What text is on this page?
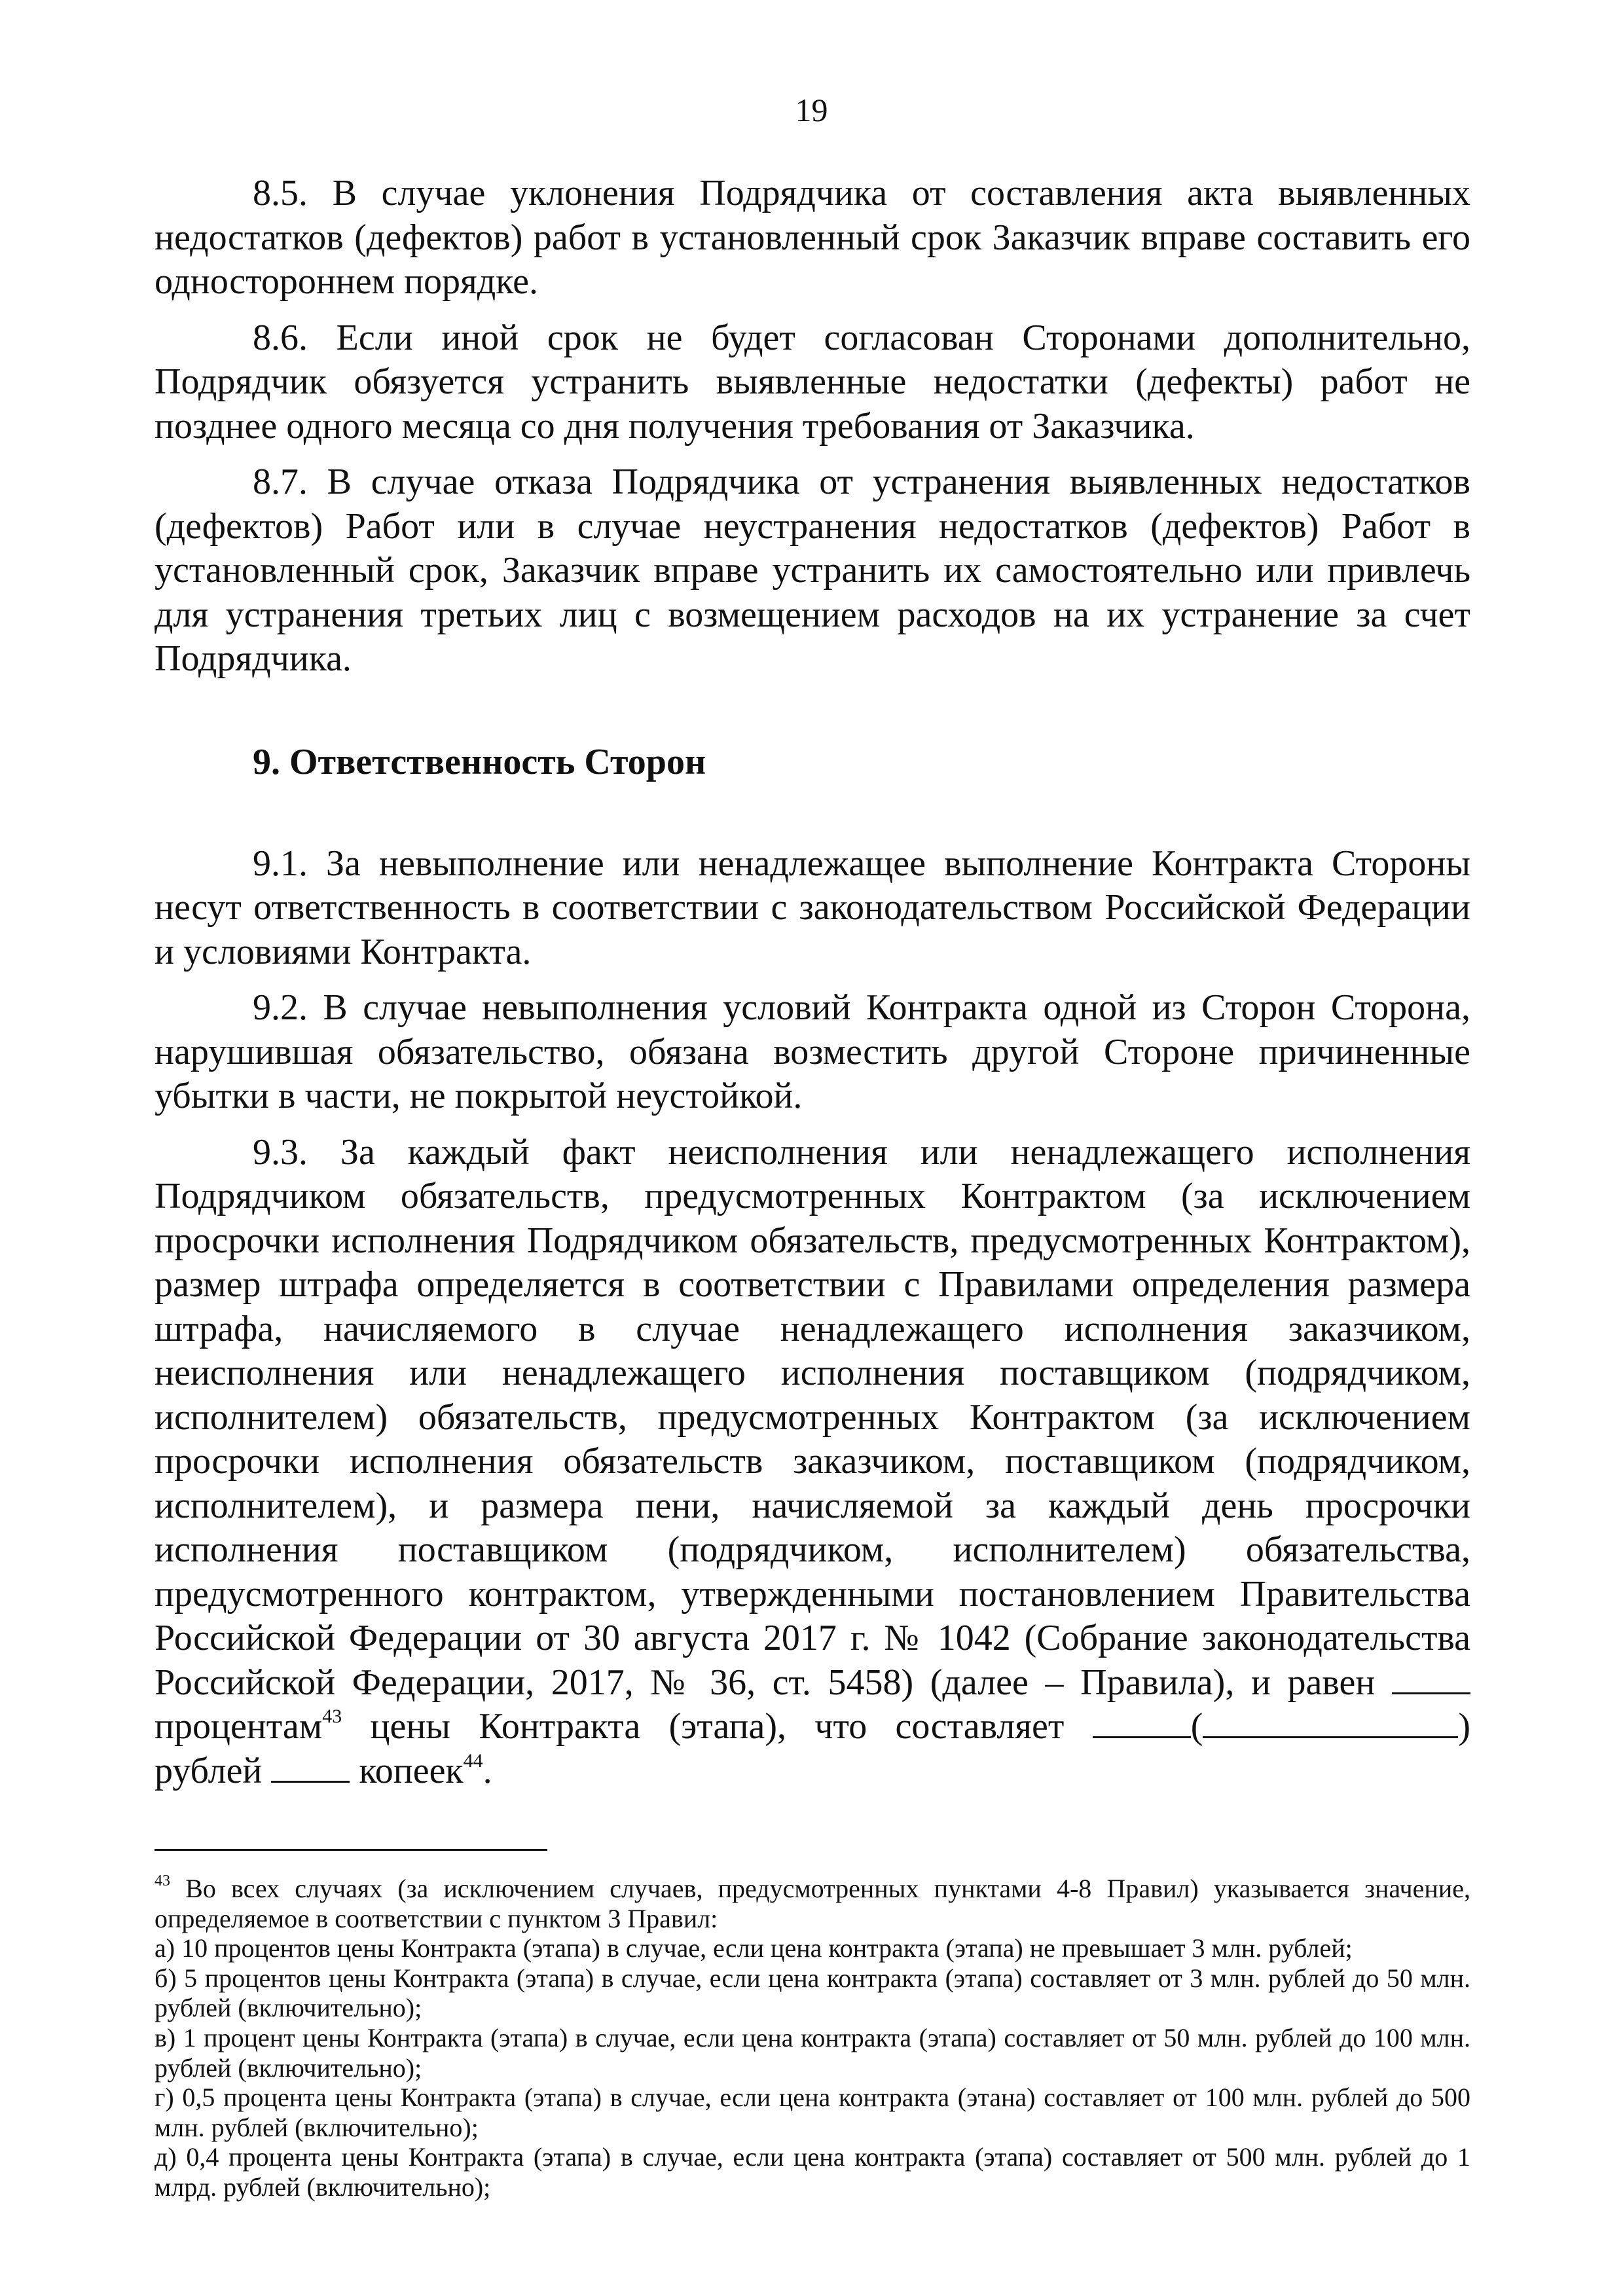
19

8.5. В случае уклонения Подрядчика от составления акта выявленных недостатков (дефектов) работ в установленный срок Заказчик вправе составить его одностороннем порядке.

8.6. Если иной срок не будет согласован Сторонами дополнительно, Подрядчик обязуется устранить выявленные недостатки (дефекты) работ не позднее одного месяца со дня получения требования от Заказчика.

8.7. В случае отказа Подрядчика от устранения выявленных недостатков (дефектов) Работ или в случае неустранения недостатков (дефектов) Работ в установленный срок, Заказчик вправе устранить их самостоятельно или привлечь для устранения третьих лиц с возмещением расходов на их устранение за счет Подрядчика.

9. Ответственность Сторон

9.1. За невыполнение или ненадлежащее выполнение Контракта Стороны несут ответственность в соответствии с законодательством Российской Федерации и условиями Контракта.

9.2. В случае невыполнения условий Контракта одной из Сторон Сторона, нарушившая обязательство, обязана возместить другой Стороне причиненные убытки в части, не покрытой неустойкой.

9.3. За каждый факт неисполнения или ненадлежащего исполнения Подрядчиком обязательств, предусмотренных Контрактом (за исключением просрочки исполнения Подрядчиком обязательств, предусмотренных Контрактом), размер штрафа определяется в соответствии с Правилами определения размера штрафа, начисляемого в случае ненадлежащего исполнения заказчиком, неисполнения или ненадлежащего исполнения поставщиком (подрядчиком, исполнителем) обязательств, предусмотренных Контрактом (за исключением просрочки исполнения обязательств заказчиком, поставщиком (подрядчиком, исполнителем), и размера пени, начисляемой за каждый день просрочки исполнения поставщиком (подрядчиком, исполнителем) обязательства, предусмотренного контрактом, утвержденными постановлением Правительства Российской Федерации от 30 августа 2017 г. № 1042 (Собрание законодательства Российской Федерации, 2017, № 36, ст. 5458) (далее – Правила), и равен  процентам$^{43}$ цены Контракта (этапа), что составляет	(	) рублей	копеек$^{44}$.

$^{43}$ Во всех случаях (за исключением случаев, предусмотренных пунктами 4-8 Правил) указывается значение, определяемое в соответствии с пунктом 3 Правил:

а) 10 процентов цены Контракта (этапа) в случае, если цена контракта (этапа) не превышает 3 млн. рублей;

б) 5 процентов цены Контракта (этапа) в случае, если цена контракта (этапа) составляет от 3 млн. рублей до 50 млн. рублей (включительно);

в) 1 процент цены Контракта (этапа) в случае, если цена контракта (этапа) составляет от 50 млн. рублей до 100 млн. рублей (включительно);

г) 0,5 процента цены Контракта (этапа) в случае, если цена контракта (этана) составляет от 100 млн. рублей до 500 млн. рублей (включительно);

д) 0,4 процента цены Контракта (этапа) в случае, если цена контракта (этапа) составляет от 500 млн. рублей до 1 млрд. рублей (включительно);
